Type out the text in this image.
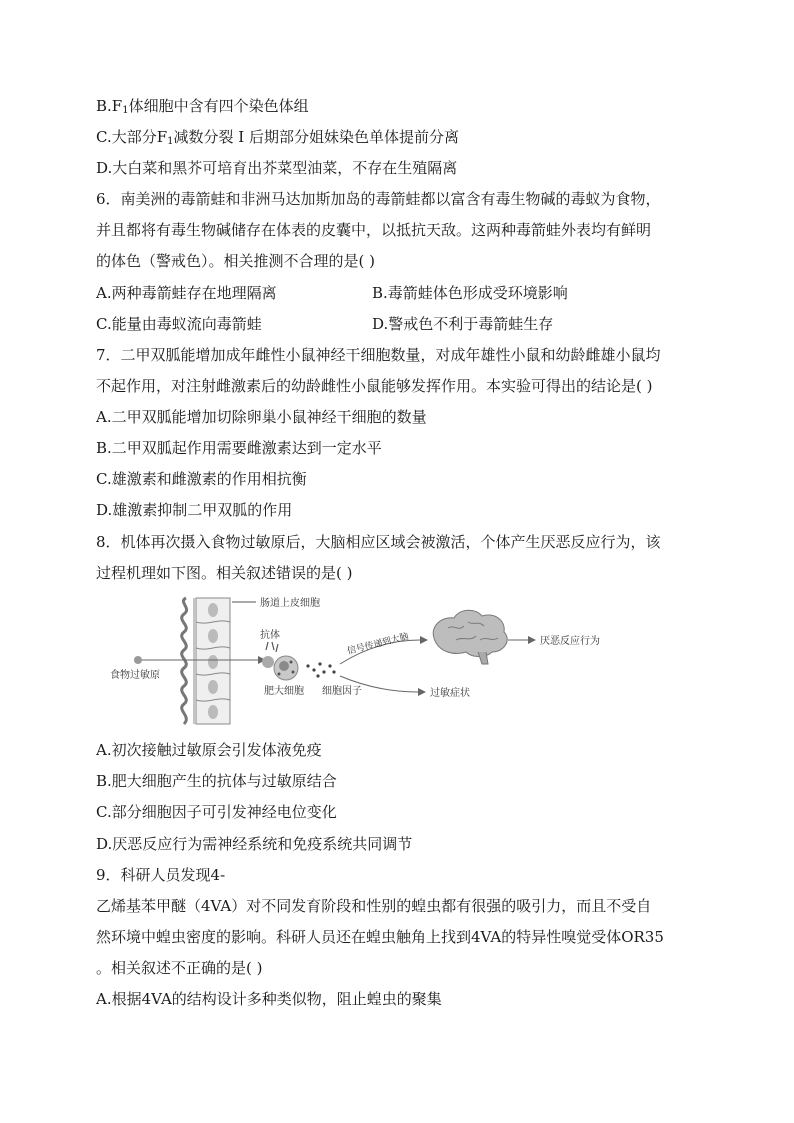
$B.F_1$体细胞中含有四个染色体组
C.大部分$F_1$减数分裂 I 后期部分姐妹染色单体提前分离
D.大白菜和黑芥可培育出芥菜型油菜，不存在生殖隔离
6．南美洲的毒箭蛙和非洲马达加斯加岛的毒箭蛙都以富含有毒生物碱的毒蚁为食物，
并且都将有毒生物碱储存在体表的皮囊中，以抵抗天敌。这两种毒箭蛙外表均有鲜明
的体色（警戒色）。相关推测不合理的是( )
A.两种毒箭蛙存在地理隔离	B.毒箭蛙体色形成受环境影响
C.能量由毒蚁流向毒箭蛙	D.警戒色不利于毒箭蛙生存
7．二甲双胍能增加成年雌性小鼠神经干细胞数量，对成年雄性小鼠和幼龄雌雄小鼠均
不起作用，对注射雌激素后的幼龄雌性小鼠能够发挥作用。本实验可得出的结论是( )
A.二甲双胍能增加切除卵巢小鼠神经干细胞的数量
B.二甲双胍起作用需要雌激素达到一定水平
C.雄激素和雌激素的作用相抗衡
D.雄激素抑制二甲双胍的作用
8．机体再次摄入食物过敏原后，大脑相应区域会被激活，个体产生厌恶反应行为，该
过程机理如下图。相关叙述错误的是( )
肠道上皮细胞
食物过敏原
抗体
肥大细胞 细胞因子
信号传递到大脑	厌恶反应行为
过敏症状
A.初次接触过敏原会引发体液免疫
B.肥大细胞产生的抗体与过敏原结合
C.部分细胞因子可引发神经电位变化
D.厌恶反应行为需神经系统和免疫系统共同调节
9．科研人员发现4-
乙烯基苯甲醚（4VA）对不同发育阶段和性别的蝗虫都有很强的吸引力，而且不受自
然环境中蝗虫密度的影响。科研人员还在蝗虫触角上找到4VA的特异性嗅觉受体OR35
。相关叙述不正确的是( )
A.根据4VA的结构设计多种类似物，阻止蝗虫的聚集
